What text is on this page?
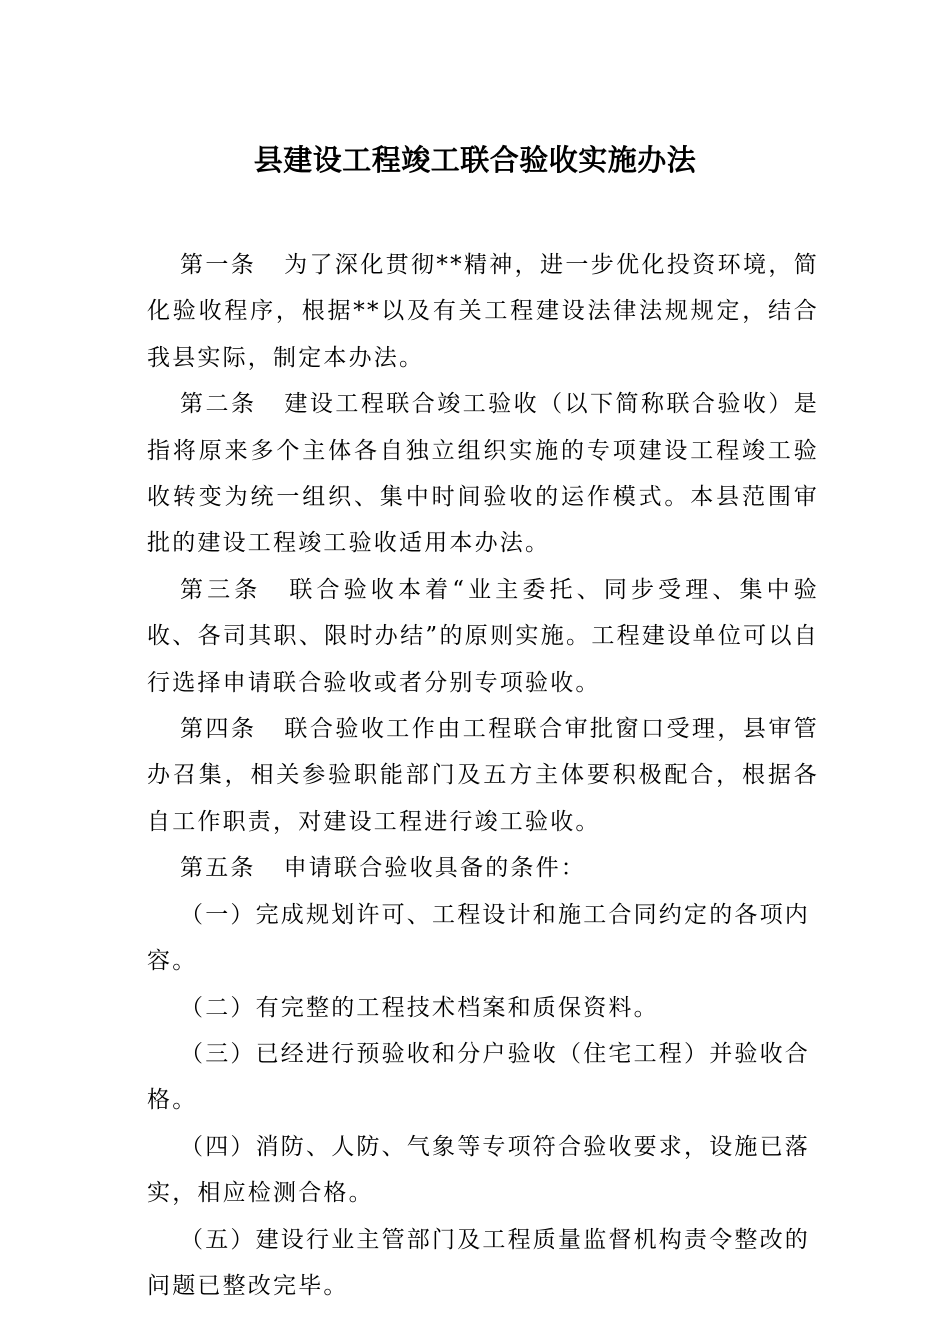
县建设工程竣工联合验收实施办法

第一条 为了深化贯彻**精神，进一步优化投资环境，简化验收程序，根据**以及有关工程建设法律法规规定，结合我县实际，制定本办法。

第二条 建设工程联合竣工验收（以下简称联合验收）是指将原来多个主体各自独立组织实施的专项建设工程竣工验收转变为统一组织、集中时间验收的运作模式。本县范围审批的建设工程竣工验收适用本办法。

第三条 联合验收本着“业主委托、同步受理、集中验收、各司其职、限时办结”的原则实施。工程建设单位可以自行选择申请联合验收或者分别专项验收。

第四条 联合验收工作由工程联合审批窗口受理，县审管办召集，相关参验职能部门及五方主体要积极配合，根据各自工作职责，对建设工程进行竣工验收。

第五条 申请联合验收具备的条件：

（一）完成规划许可、工程设计和施工合同约定的各项内容。

（二）有完整的工程技术档案和质保资料。

（三）已经进行预验收和分户验收（住宅工程）并验收合格。

（四）消防、人防、气象等专项符合验收要求，设施已落实，相应检测合格。

（五）建设行业主管部门及工程质量监督机构责令整改的问题已整改完毕。
